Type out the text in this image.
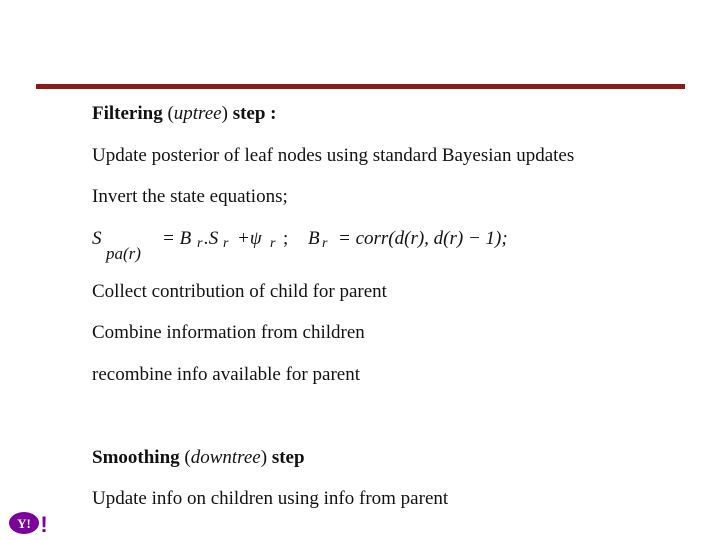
Filtering (uptree) step :
Update posterior of leaf nodes using standard Bayesian updates
Invert the state equations;
S
pa(r)
= B r .S r +ψ r ; B r = corr(d(r), d(r) − 1);
Collect contribution of child for parent
Combine information from children
recombine info available for parent
Smoothing (downtree) step
Update info on children using info from parent
Y! !
